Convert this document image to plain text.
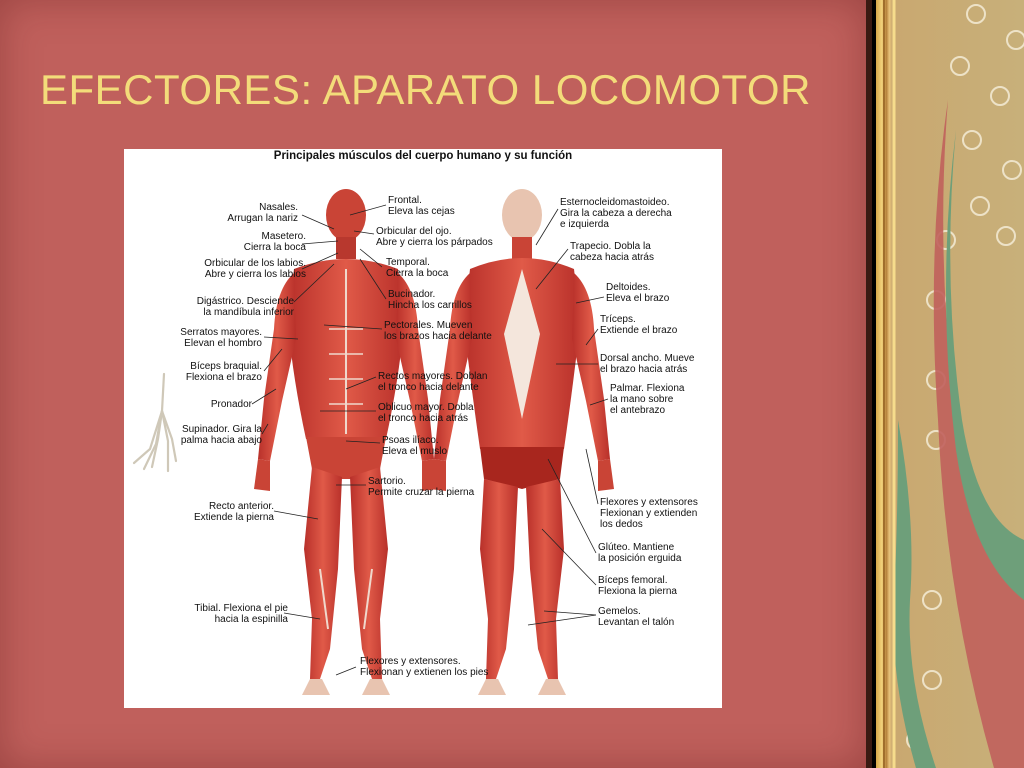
EFECTORES: APARATO LOCOMOTOR
Principales músculos del cuerpo humano y su función
Nasales.
Arrugan la nariz
Masetero.
Cierra la boca
Orbicular de los labios.
Abre y cierra los labios
Digástrico. Desciende
la mandíbula inferior
Serratos mayores.
Elevan el hombro
Bíceps braquial.
Flexiona el brazo
Pronador
Supinador. Gira la
palma hacia abajo
Recto anterior.
Extiende la pierna
Tibial. Flexiona el pie
hacia la espinilla
Frontal.
Eleva las cejas
Orbicular del ojo.
Abre y cierra los párpados
Temporal.
Cierra la boca
Bucinador.
Hincha los carrillos
Pectorales. Mueven
los brazos hacia delante
Rectos mayores. Doblan
el tronco hacia delante
Oblicuo mayor. Dobla
el tronco hacia atrás
Psoas ilíaco.
Eleva el muslo
Sartorio.
Permite cruzar la pierna
Flexores y extensores.
Flexionan y extienen los pies
Esternocleidomastoideo.
Gira la cabeza a derecha
e izquierda
Trapecio. Dobla la
cabeza hacia atrás
Deltoides.
Eleva el brazo
Tríceps.
Extiende el brazo
Dorsal ancho. Mueve
el brazo hacia atrás
Palmar. Flexiona
la mano sobre
el antebrazo
Flexores y extensores
Flexionan y extienden
los dedos
Glúteo. Mantiene
la posición erguida
Bíceps femoral.
Flexiona la pierna
Gemelos.
Levantan el talón
